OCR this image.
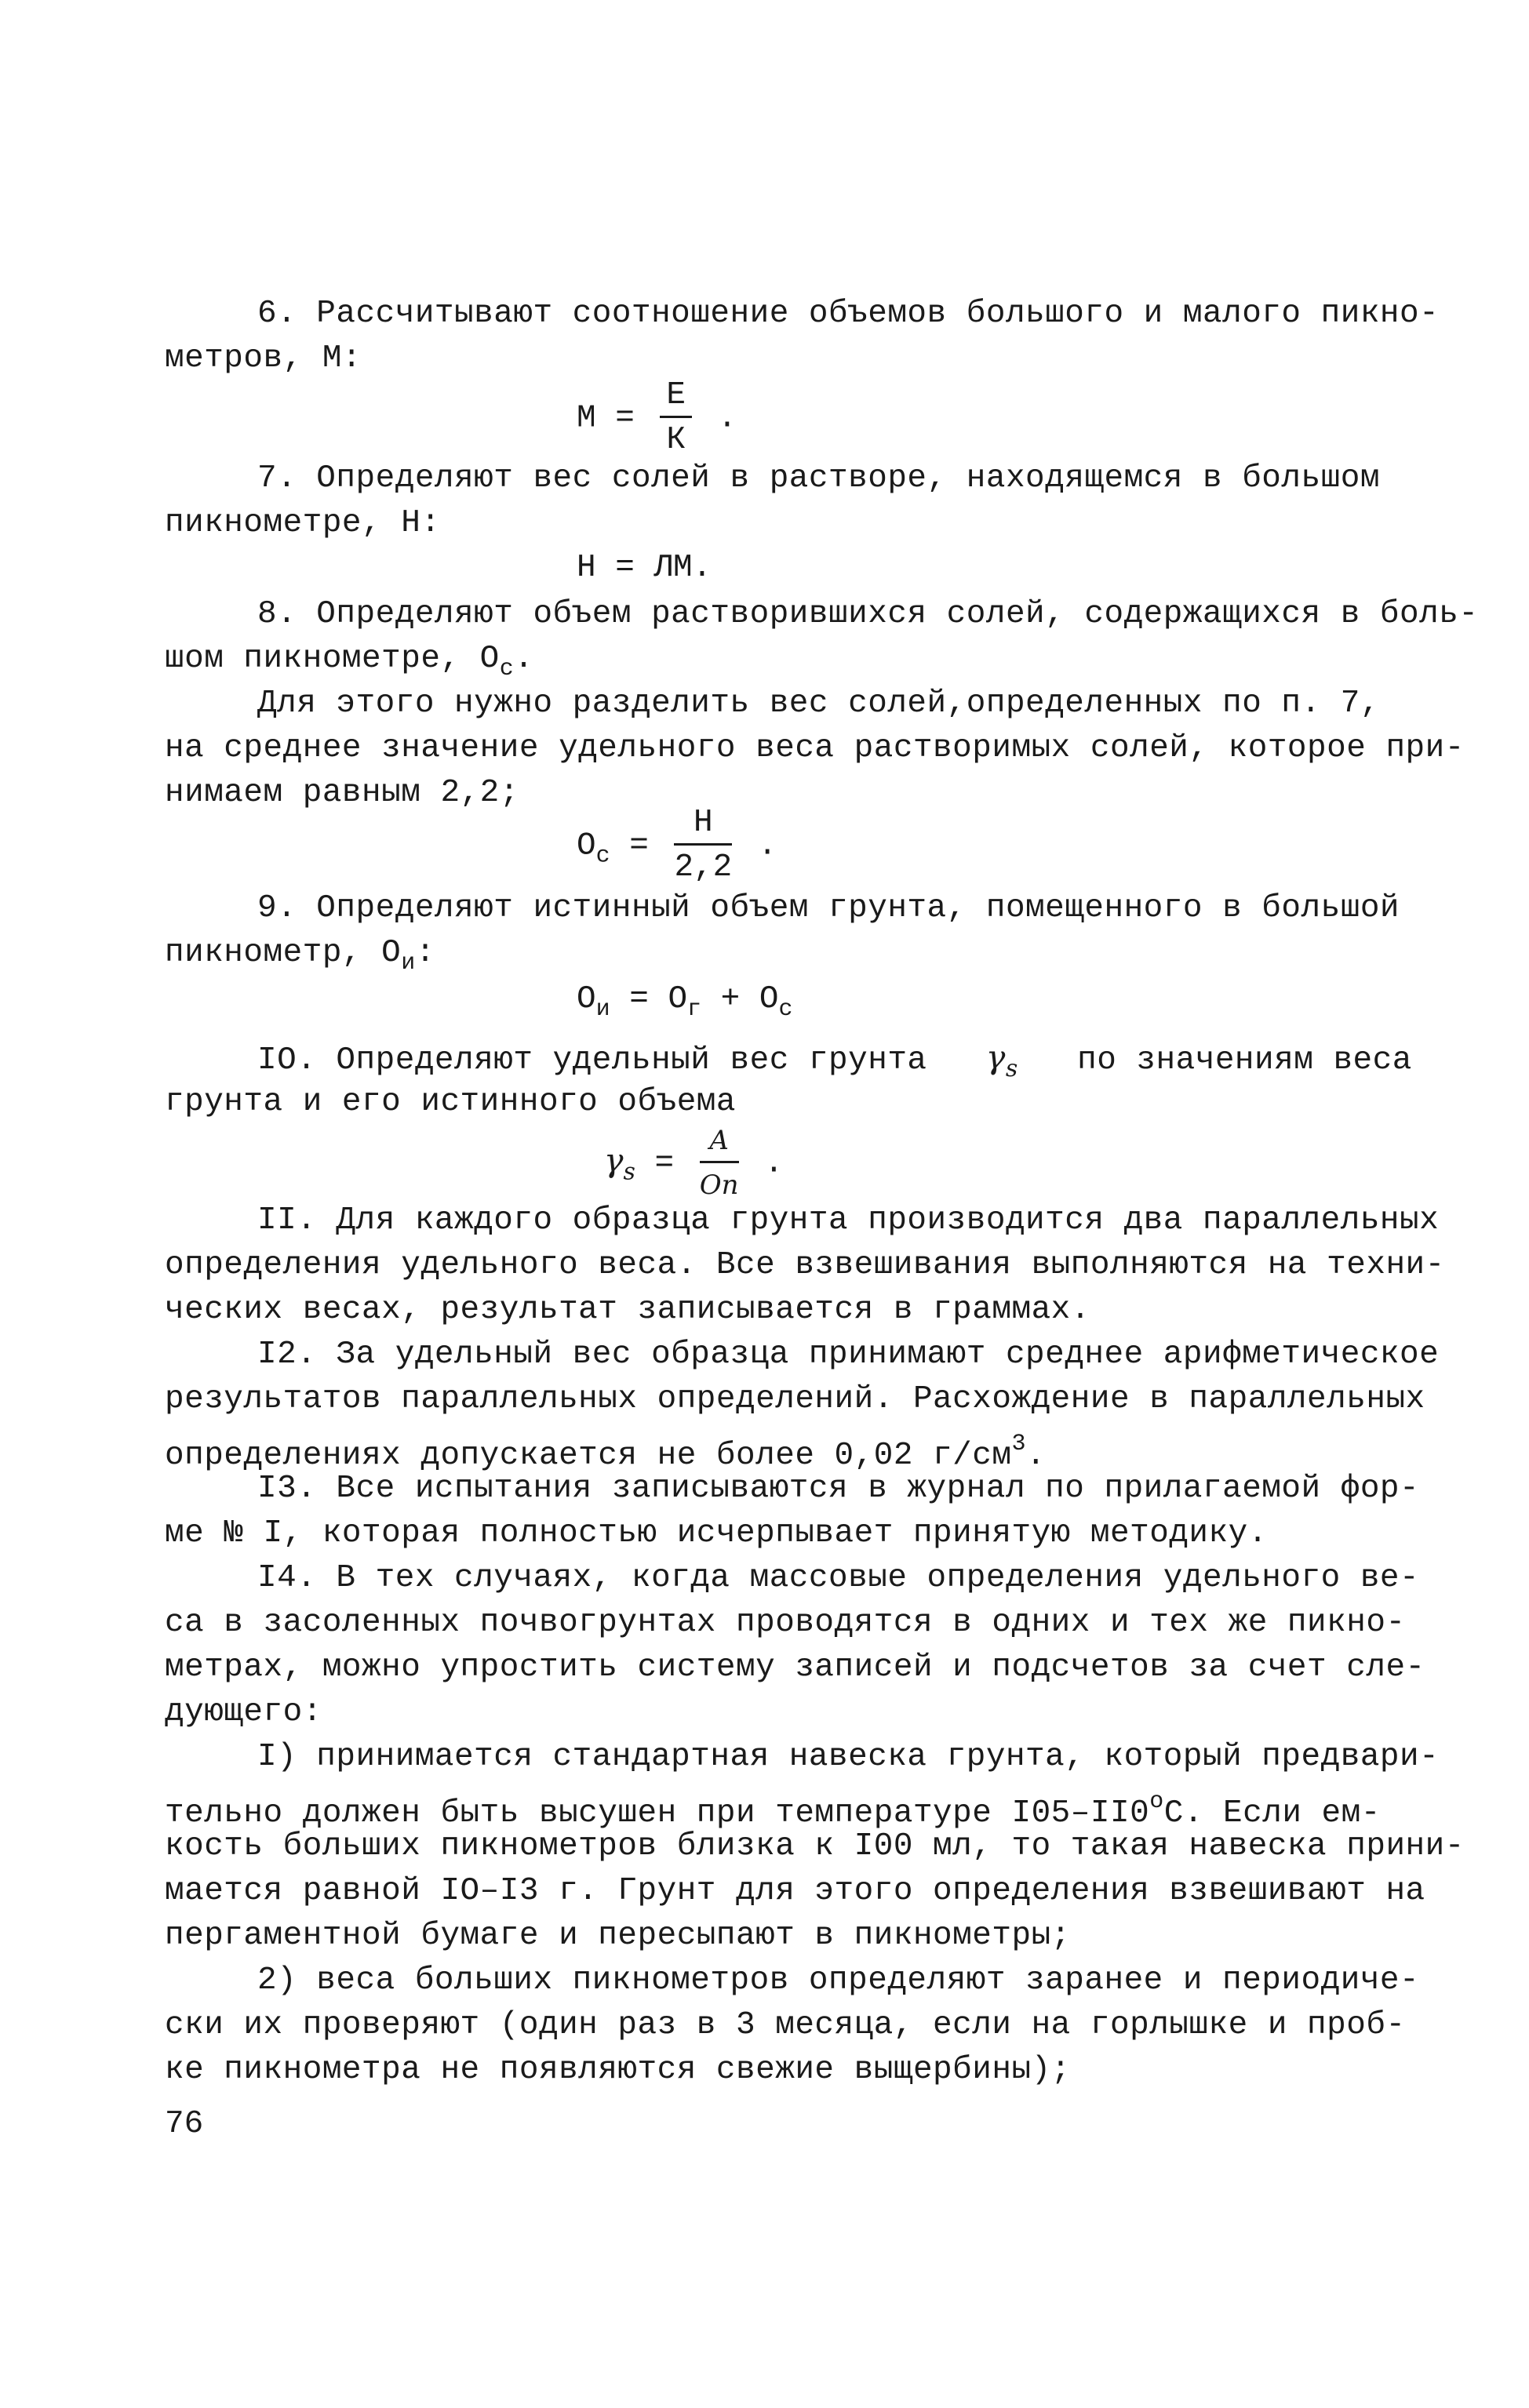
6. Рассчитывают соотношение объемов большого и малого пикно-
метров, М:
$М = \frac{Е}{К}$ .
7. Определяют вес солей в растворе, находящемся в большом
пикнометре, Н:
Н = ЛМ.
8. Определяют объем растворившихся солей, содержащихся в боль-
шом пикнометре, $О_с$.
Для этого нужно разделить вес солей,определенных по п. 7,
на среднее значение удельного веса растворимых солей, которое при-
нимаем равным 2,2;
$О_с = \frac{Н}{2,2}$ .
9. Определяют истинный объем грунта, помещенного в большой
пикнометр, $О_и$:
$О_и = О_г + О_с$
IO. Определяют удельный вес грунта $\gamma_s$ по значениям веса
грунта и его истинного объема
$\gamma_s = \frac{A}{On}$ .
II. Для каждого образца грунта производится два параллельных
определения удельного веса. Все взвешивания выполняются на техни-
ческих весах, результат записывается в граммах.
I2. За удельный вес образца принимают среднее арифметическое
результатов параллельных определений. Расхождение в параллельных
определениях допускается не более 0,02 $г/см^3$.
I3. Все испытания записываются в журнал по прилагаемой фор-
ме № I, которая полностью исчерпывает принятую методику.
I4. В тех случаях, когда массовые определения удельного ве-
са в засоленных почвогрунтах проводятся в одних и тех же пикно-
метрах, можно упростить систему записей и подсчетов за счет сле-
дующего:
I) принимается стандартная навеска грунта, который предвари-
тельно должен быть высушен при температуре $I05-II0^оС$. Если ем-
кость больших пикнометров близка к I00 мл, то такая навеска прини-
мается равной IO–I3 г. Грунт для этого определения взвешивают на
пергаментной бумаге и пересыпают в пикнометры;
2) веса больших пикнометров определяют заранее и периодиче-
ски их проверяют (один раз в 3 месяца, если на горлышке и проб-
ке пикнометра не появляются свежие выщербины);
76
